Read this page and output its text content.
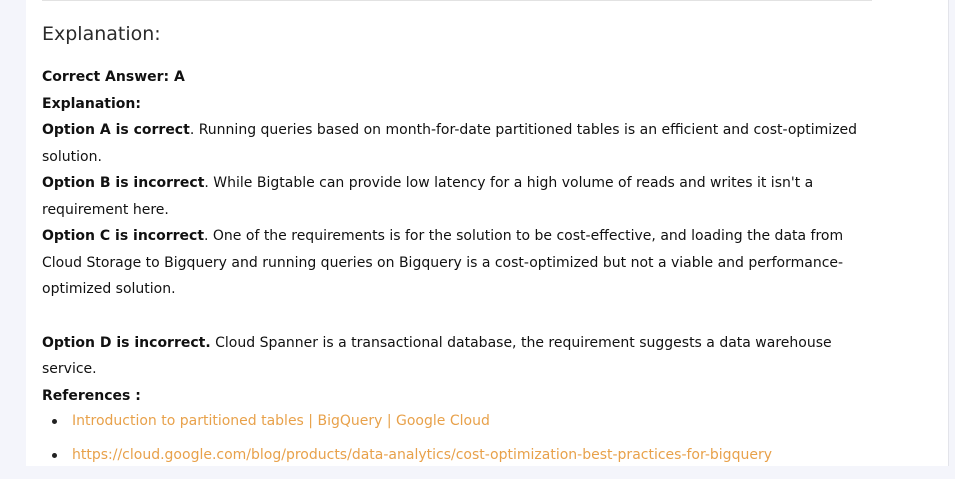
Explanation:

Correct Answer: A

Explanation:

Option A is correct. Running queries based on month-for-date partitioned tables is an efficient and cost-optimized solution.

Option B is incorrect. While Bigtable can provide low latency for a high volume of reads and writes it isn't a requirement here.

Option C is incorrect. One of the requirements is for the solution to be cost-effective, and loading the data from Cloud Storage to Bigquery and running queries on Bigquery is a cost-optimized but not a viable and performance-optimized solution.

Option D is incorrect. Cloud Spanner is a transactional database, the requirement suggests a data warehouse service.

References :

Introduction to partitioned tables | BigQuery | Google Cloud
https://cloud.google.com/blog/products/data-analytics/cost-optimization-best-practices-for-bigquery
